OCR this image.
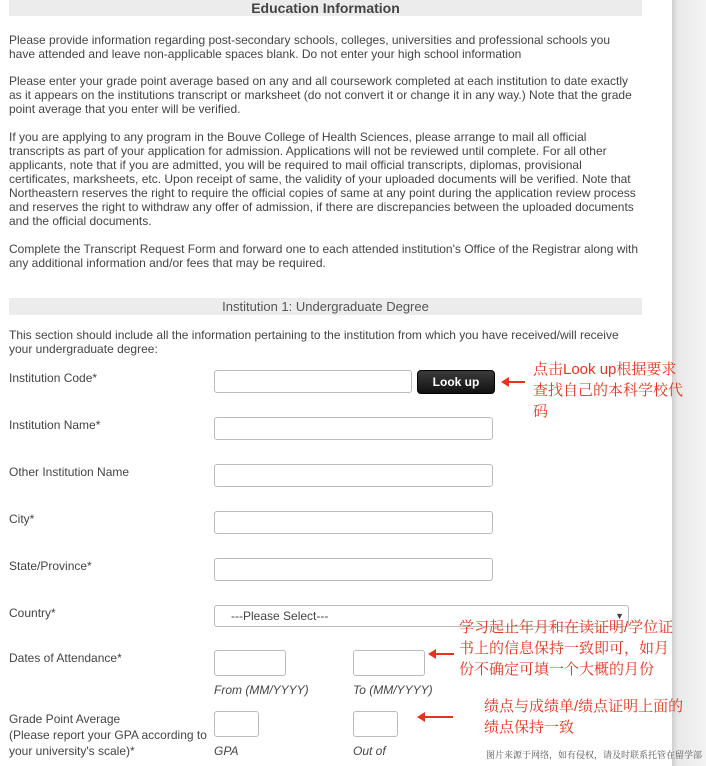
Education Information

Please provide information regarding post-secondary schools, colleges, universities and professional schools you have attended and leave non-applicable spaces blank. Do not enter your high school information

Please enter your grade point average based on any and all coursework completed at each institution to date exactly as it appears on the institutions transcript or marksheet (do not convert it or change it in any way.) Note that the grade point average that you enter will be verified.

If you are applying to any program in the Bouve College of Health Sciences, please arrange to mail all official transcripts as part of your application for admission. Applications will not be reviewed until complete. For all other applicants, note that if you are admitted, you will be required to mail official transcripts, diplomas, provisional certificates, marksheets, etc. Upon receipt of same, the validity of your uploaded documents will be verified. Note that Northeastern reserves the right to require the official copies of same at any point during the application review process and reserves the right to withdraw any offer of admission, if there are discrepancies between the uploaded documents and the official documents.

Complete the Transcript Request Form and forward one to each attended institution's Office of the Registrar along with any additional information and/or fees that may be required.

Institution 1: Undergraduate Degree

This section should include all the information pertaining to the institution from which you have received/will receive your undergraduate degree:

Institution Code*	Look up
Institution Name*
Other Institution Name
City*
State/Province*
Country*	---Please Select---	▼
Dates of Attendance*
From (MM/YYYY)	To (MM/YYYY)
Grade Point Average
(Please report your GPA according to
your university's scale)*	GPA	Out of
点击Look up根据要求
查找自己的本科学校代
码
学习起止年月和在读证明/学位证
书上的信息保持一致即可，如月
份不确定可填一个大概的月份
绩点与成绩单/绩点证明上面的
绩点保持一致
图片来源于网络，如有侵权，请及时联系托管在留学部
